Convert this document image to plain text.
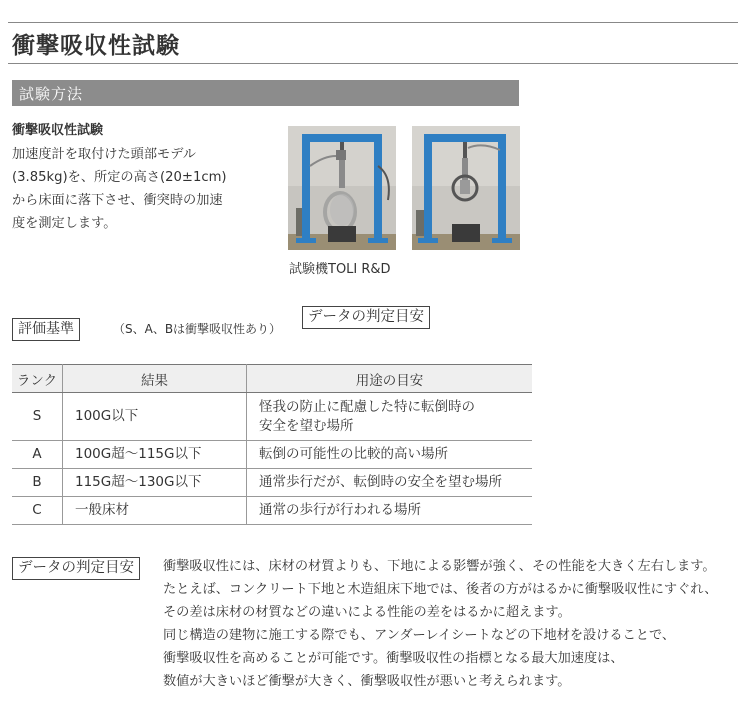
衝撃吸収性試験
試験方法
衝撃吸収性試験
加速度計を取付けた頭部モデル
(3.85kg)を、所定の高さ(20±1cm)
から床面に落下させ、衝突時の加速
度を測定します。
試験機TOLI R&D
評価基準	（S、A、Bは衝撃吸収性あり）
データの判定目安
ランク	結果	用途の目安
S	100G以下	怪我の防止に配慮した特に転倒時の
安全を望む場所

A	100G超～115G以下	転倒の可能性の比較的高い場所
B	115G超～130G以下	通常歩行だが、転倒時の安全を望む場所
C	一般床材	通常の歩行が行われる場所
データの判定目安	衝撃吸収性には、床材の材質よりも、下地による影響が強く、その性能を大きく左右します。
たとえば、コンクリート下地と木造組床下地では、後者の方がはるかに衝撃吸収性にすぐれ、
その差は床材の材質などの違いによる性能の差をはるかに超えます。
同じ構造の建物に施工する際でも、アンダーレイシートなどの下地材を設けることで、
衝撃吸収性を高めることが可能です。衝撃吸収性の指標となる最大加速度は、
数値が大きいほど衝撃が大きく、衝撃吸収性が悪いと考えられます。
